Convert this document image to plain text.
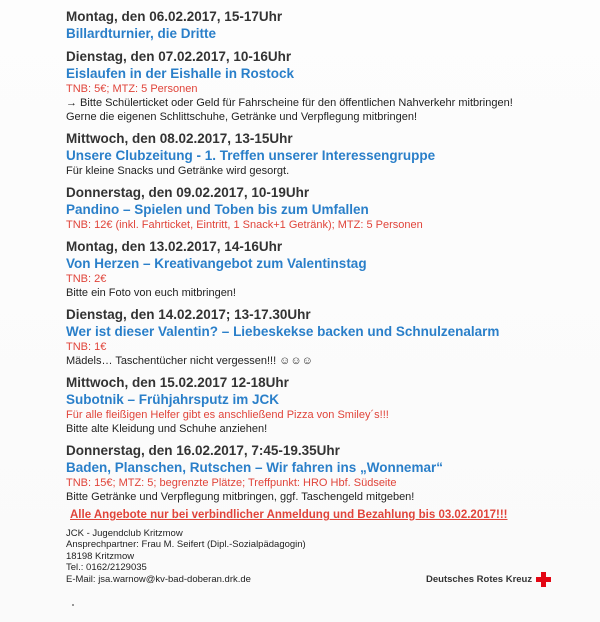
Montag, den 06.02.2017, 15-17Uhr
Billardturnier, die Dritte
Dienstag, den 07.02.2017, 10-16Uhr
Eislaufen in der Eishalle in Rostock
TNB: 5€; MTZ: 5 Personen
→ Bitte Schülerticket oder Geld für Fahrscheine für den öffentlichen Nahverkehr mitbringen!
Gerne die eigenen Schlittschuhe, Getränke und Verpflegung mitbringen!
Mittwoch, den 08.02.2017, 13-15Uhr
Unsere Clubzeitung - 1. Treffen unserer Interessengruppe
Für kleine Snacks und Getränke wird gesorgt.
Donnerstag, den 09.02.2017, 10-19Uhr
Pandino – Spielen und Toben bis zum Umfallen
TNB: 12€ (inkl. Fahrticket, Eintritt, 1 Snack+1 Getränk); MTZ: 5 Personen
Montag, den 13.02.2017, 14-16Uhr
Von Herzen – Kreativangebot zum Valentinstag
TNB: 2€
Bitte ein Foto von euch mitbringen!
Dienstag, den 14.02.2017; 13-17.30Uhr
Wer ist dieser Valentin? – Liebeskekse backen und Schnulzenalarm
TNB: 1€
Mädels… Taschentücher nicht vergessen!!! ☺☺☺
Mittwoch, den 15.02.2017 12-18Uhr
Subotnik – Frühjahrsputz im JCK
Für alle fleißigen Helfer gibt es anschließend Pizza von Smiley´s!!!
Bitte alte Kleidung und Schuhe anziehen!
Donnerstag, den 16.02.2017, 7:45-19.35Uhr
Baden, Planschen, Rutschen – Wir fahren ins „Wonnemar“
TNB: 15€; MTZ: 5; begrenzte Plätze; Treffpunkt: HRO Hbf. Südseite
Bitte Getränke und Verpflegung mitbringen, ggf. Taschengeld mitgeben!
Alle Angebote nur bei verbindlicher Anmeldung und Bezahlung bis 03.02.2017!!!
JCK - Jugendclub Kritzmow
Ansprechpartner: Frau M. Seifert (Dipl.-Sozialpädagogin)
18198 Kritzmow
Tel.: 0162/2129035
E-Mail: jsa.warnow@kv-bad-doberan.drk.de	Deutsches Rotes Kreuz
